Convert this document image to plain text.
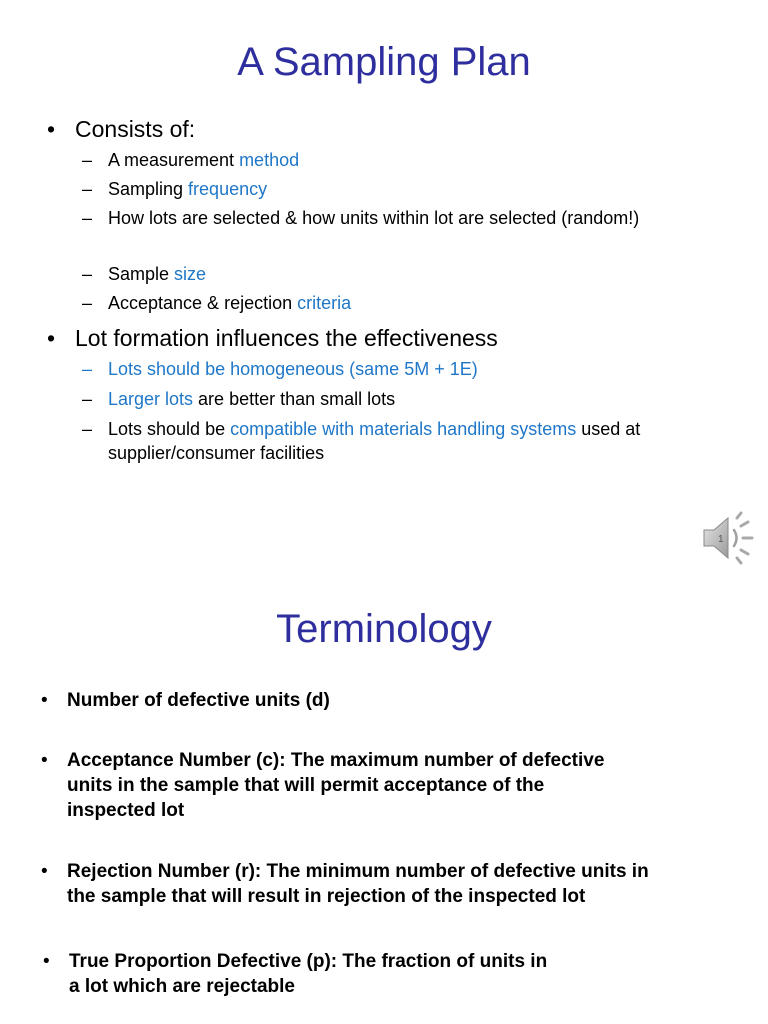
A Sampling Plan
• Consists of:
– A measurement method
– Sampling frequency
– How lots are selected & how units within lot are selected (random!)
– Sample size
– Acceptance & rejection criteria
• Lot formation influences the effectiveness
– Lots should be homogeneous (same 5M + 1E)
– Larger lots are better than small lots
– Lots should be compatible with materials handling systems used at supplier/consumer facilities
1
Terminology
• Number of defective units (d)
• Acceptance Number (c): The maximum number of defective units in the sample that will permit acceptance of the inspected lot
• Rejection Number (r): The minimum number of defective units in the sample that will result in rejection of the inspected lot
• True Proportion Defective (p): The fraction of units in a lot which are rejectable
